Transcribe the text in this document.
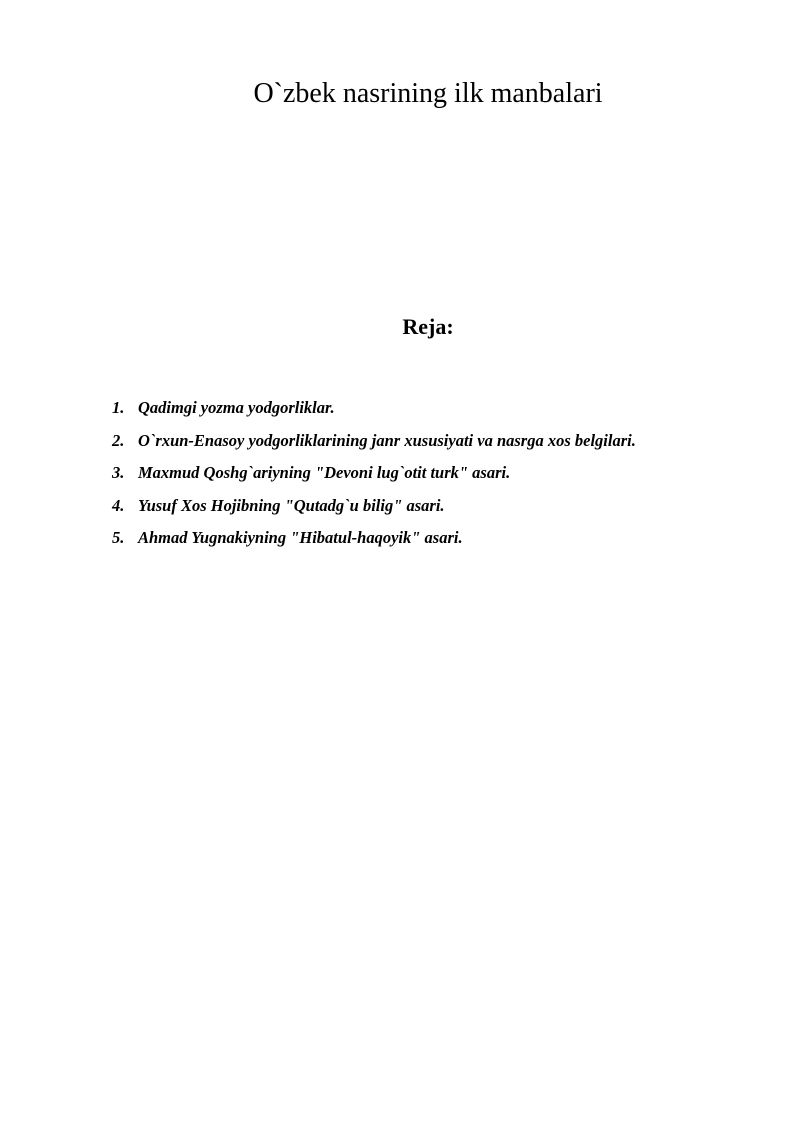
O`zbek nasrining ilk manbalari
Reja:
1. Qadimgi yozma yodgorliklar.
2. O`rxun-Enasoy yodgorliklarining janr xususiyati va nasrga xos belgilari.
3. Maxmud Qoshg`ariyning "Devoni lug`otit turk" asari.
4. Yusuf Xos Hojibning "Qutadg`u bilig" asari.
5. Ahmad Yugnakiyning "Hibatul-haqoyik" asari.
